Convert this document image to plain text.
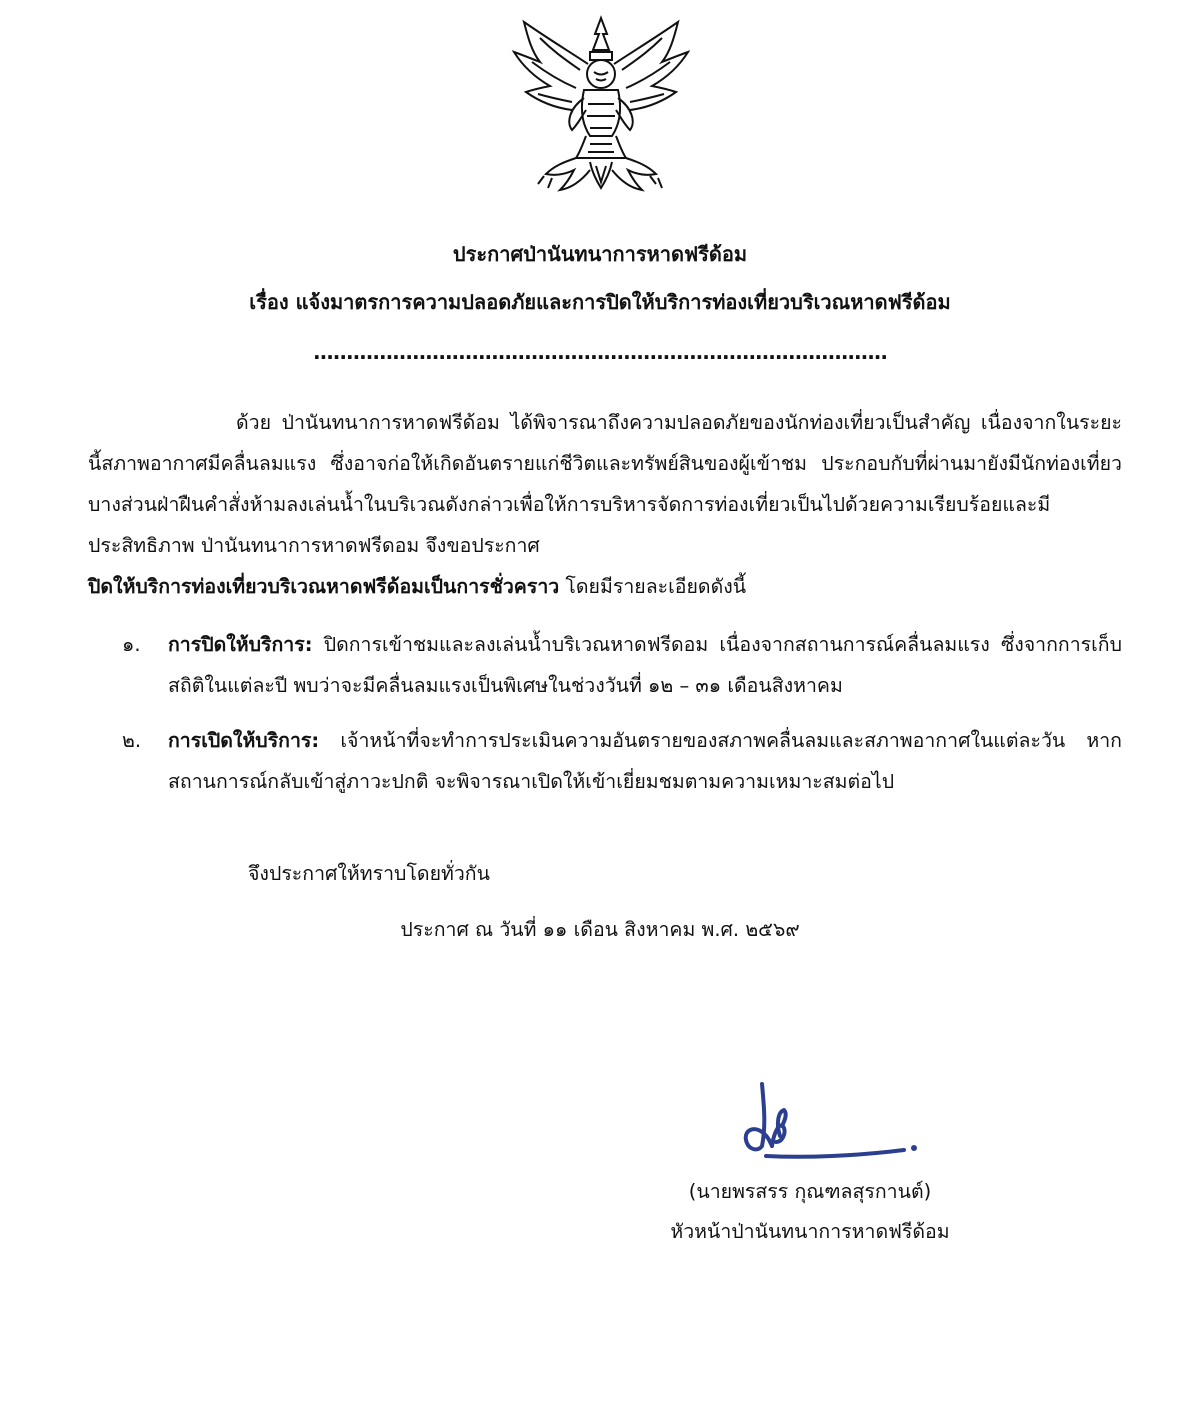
ประกาศป่านันทนาการหาดฟรีด้อม
เรื่อง แจ้งมาตรการความปลอดภัยและการปิดให้บริการท่องเที่ยวบริเวณหาดฟรีด้อม
.......................................................................................
ด้วย ป่านันทนาการหาดฟรีด้อม ได้พิจารณาถึงความปลอดภัยของนักท่องเที่ยวเป็นสำคัญ เนื่องจากในระยะนี้สภาพอากาศมีคลื่นลมแรง ซึ่งอาจก่อให้เกิดอันตรายแก่ชีวิตและทรัพย์สินของผู้เข้าชม ประกอบกับที่ผ่านมายังมีนักท่องเที่ยวบางส่วนฝ่าฝืนคำสั่งห้ามลงเล่นน้ำในบริเวณดังกล่าวเพื่อให้การบริหารจัดการท่องเที่ยวเป็นไปด้วยความเรียบร้อยและมีประสิทธิภาพ ป่านันทนาการหาดฟรีดอม จึงขอประกาศ
ปิดให้บริการท่องเที่ยวบริเวณหาดฟรีด้อมเป็นการชั่วคราว โดยมีรายละเอียดดังนี้
๑. การปิดให้บริการ: ปิดการเข้าชมและลงเล่นน้ำบริเวณหาดฟรีดอม เนื่องจากสถานการณ์คลื่นลมแรง ซึ่งจากการเก็บสถิติในแต่ละปี พบว่าจะมีคลื่นลมแรงเป็นพิเศษในช่วงวันที่ ๑๒ – ๓๑ เดือนสิงหาคม
๒. การเปิดให้บริการ: เจ้าหน้าที่จะทำการประเมินความอันตรายของสภาพคลื่นลมและสภาพอากาศในแต่ละวัน หากสถานการณ์กลับเข้าสู่ภาวะปกติ จะพิจารณาเปิดให้เข้าเยี่ยมชมตามความเหมาะสมต่อไป
จึงประกาศให้ทราบโดยทั่วกัน
ประกาศ ณ วันที่ ๑๑ เดือน สิงหาคม พ.ศ. ๒๕๖๙
(นายพรสรร กุณฑลสุรกานต์)
หัวหน้าป่านันทนาการหาดฟรีด้อม
